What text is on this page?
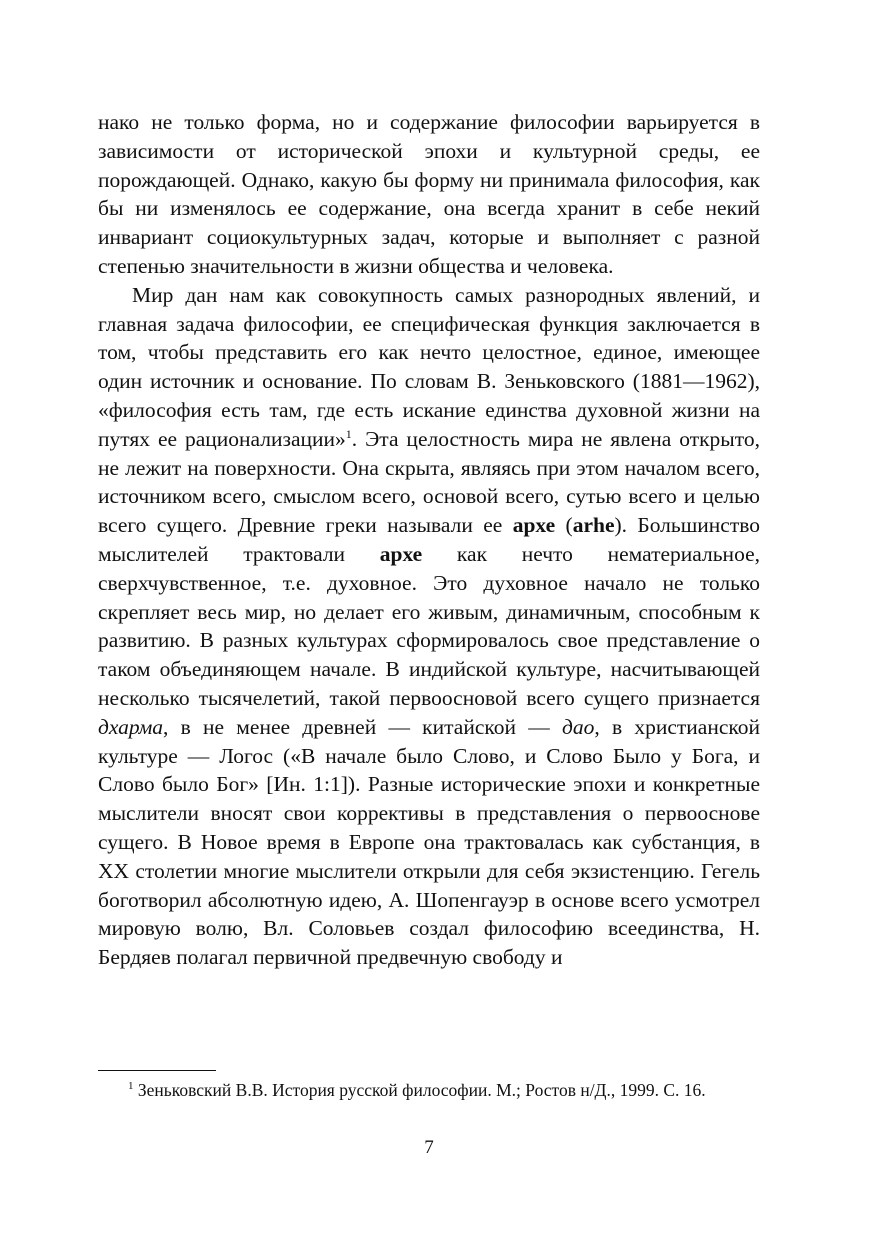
нако не только форма, но и содержание философии варьируется в зависимости от исторической эпохи и культурной среды, ее порождающей. Однако, какую бы форму ни принимала философия, как бы ни изменялось ее содержание, она всегда хранит в себе некий инвариант социокультурных задач, которые и выполняет с разной степенью значительности в жизни общества и человека.

Мир дан нам как совокупность самых разнородных явлений, и главная задача философии, ее специфическая функция заключается в том, чтобы представить его как нечто целостное, единое, имеющее один источник и основание. По словам В. Зеньковского (1881—1962), «философия есть там, где есть искание единства духовной жизни на путях ее рационализации»$^1$. Эта целостность мира не явлена открыто, не лежит на поверхности. Она скрыта, являясь при этом началом всего, источником всего, смыслом всего, основой всего, сутью всего и целью всего сущего. Древние греки называли ее архе (arhe). Большинство мыслителей трактовали архе как нечто нематериальное, сверхчувственное, т.е. духовное. Это духовное начало не только скрепляет весь мир, но делает его живым, динамичным, способным к развитию. В разных культурах сформировалось свое представление о таком объединяющем начале. В индийской культуре, насчитывающей несколько тысячелетий, такой первоосновой всего сущего признается дхарма, в не менее древней — китайской — дао, в христианской культуре — Логос («В начале было Слово, и Слово Было у Бога, и Слово было Бог» [Ин. 1:1]). Разные исторические эпохи и конкретные мыслители вносят свои коррективы в представления о первооснове сущего. В Новое время в Европе она трактовалась как субстанция, в XX столетии многие мыслители открыли для себя экзистенцию. Гегель боготворил абсолютную идею, А. Шопенгауэр в основе всего усмотрел мировую волю, Вл. Соловьев создал философию всеединства, Н. Бердяев полагал первичной предвечную свободу и

$^1$ Зеньковский В.В. История русской философии. М.; Ростов н/Д., 1999. С. 16.

7
